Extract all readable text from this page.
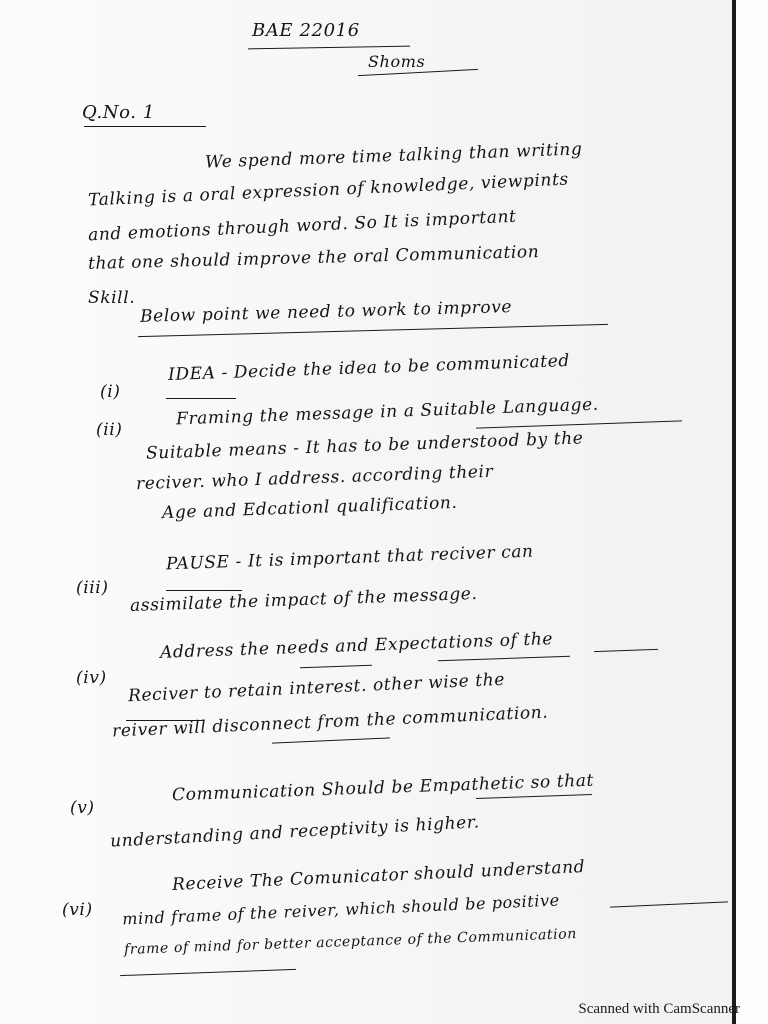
BAE 22016
Shoms
Q.No. 1
We spend more time talking than writing
Talking is a oral expression of knowledge, viewpints
and emotions through word. So It is important
that one should improve the oral Communication
Skill. Below point we need to work to improve
(i)
IDEA - Decide the idea to be communicated
(ii)
Framing the message in a Suitable Language.
Suitable means - It has to be understood by the
reciver. who I address. according their
Age and Edcationl qualification.
(iii)
PAUSE - It is important that reciver can
assimilate the impact of the message.
(iv)
Address the needs and Expectations of the
Reciver to retain interest. other wise the
reiver will disconnect from the communication.
(v)
Communication Should be Empathetic so that
understanding and receptivity is higher.
(vi)
Receive The Comunicator should understand
mind frame of the reiver, which should be positive
frame of mind for better acceptance of the Communication
Scanned with CamScanner
